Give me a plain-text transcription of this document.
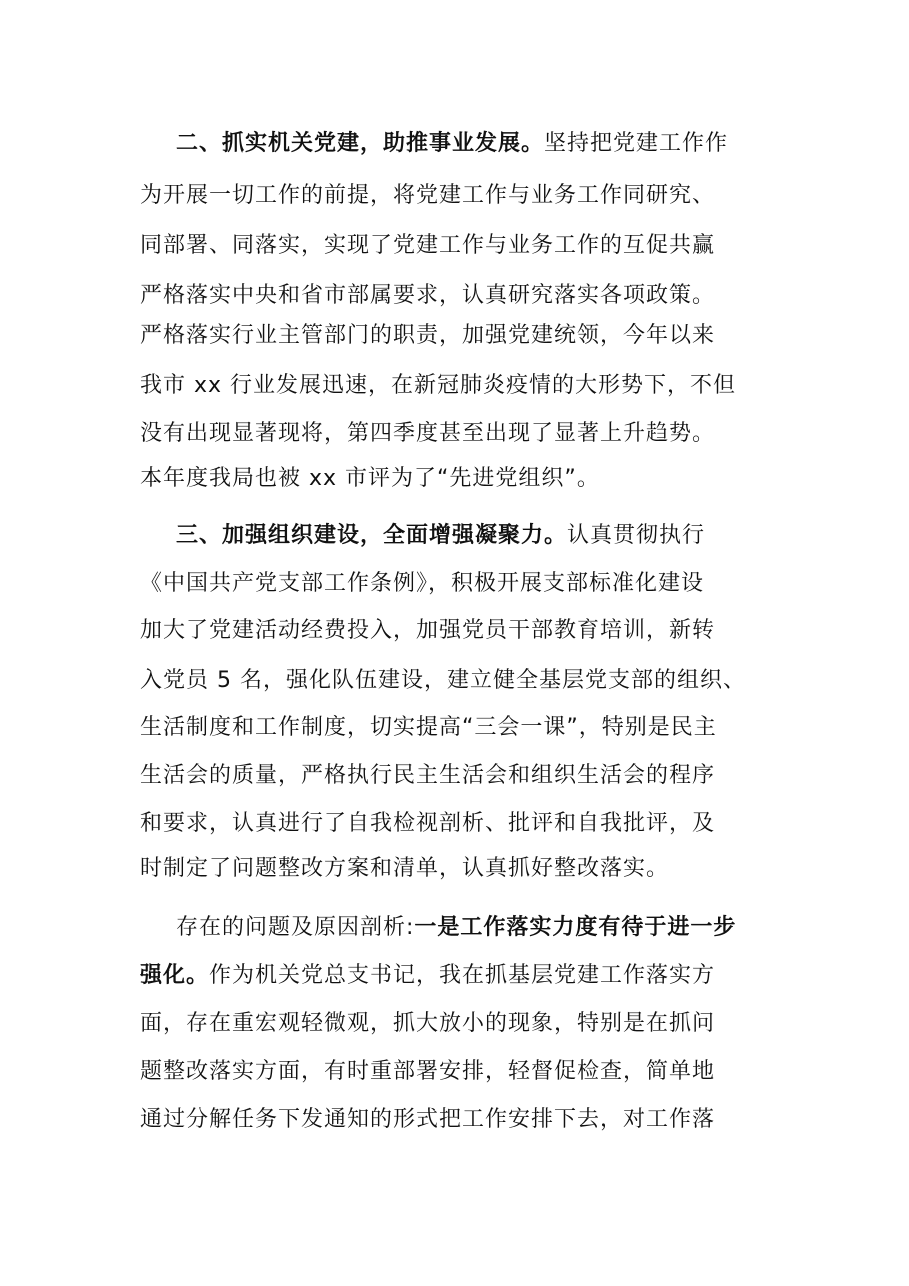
二、抓实机关党建，助推事业发展。坚持把党建工作作
为开展一切工作的前提，将党建工作与业务工作同研究、
同部署、同落实，实现了党建工作与业务工作的互促共赢
严格落实中央和省市部属要求，认真研究落实各项政策。
严格落实行业主管部门的职责，加强党建统领，今年以来
我市 xx 行业发展迅速，在新冠肺炎疫情的大形势下，不但
没有出现显著现将，第四季度甚至出现了显著上升趋势。
本年度我局也被 xx 市评为了“先进党组织”。
三、加强组织建设，全面增强凝聚力。认真贯彻执行
《中国共产党支部工作条例》，积极开展支部标准化建设
加大了党建活动经费投入，加强党员干部教育培训，新转
入党员 5 名，强化队伍建设，建立健全基层党支部的组织、
生活制度和工作制度，切实提高“三会一课”，特别是民主
生活会的质量，严格执行民主生活会和组织生活会的程序
和要求，认真进行了自我检视剖析、批评和自我批评，及
时制定了问题整改方案和清单，认真抓好整改落实。
存在的问题及原因剖析:一是工作落实力度有待于进一步
强化。作为机关党总支书记，我在抓基层党建工作落实方
面，存在重宏观轻微观，抓大放小的现象，特别是在抓问
题整改落实方面，有时重部署安排，轻督促检查，简单地
通过分解任务下发通知的形式把工作安排下去，对工作落
